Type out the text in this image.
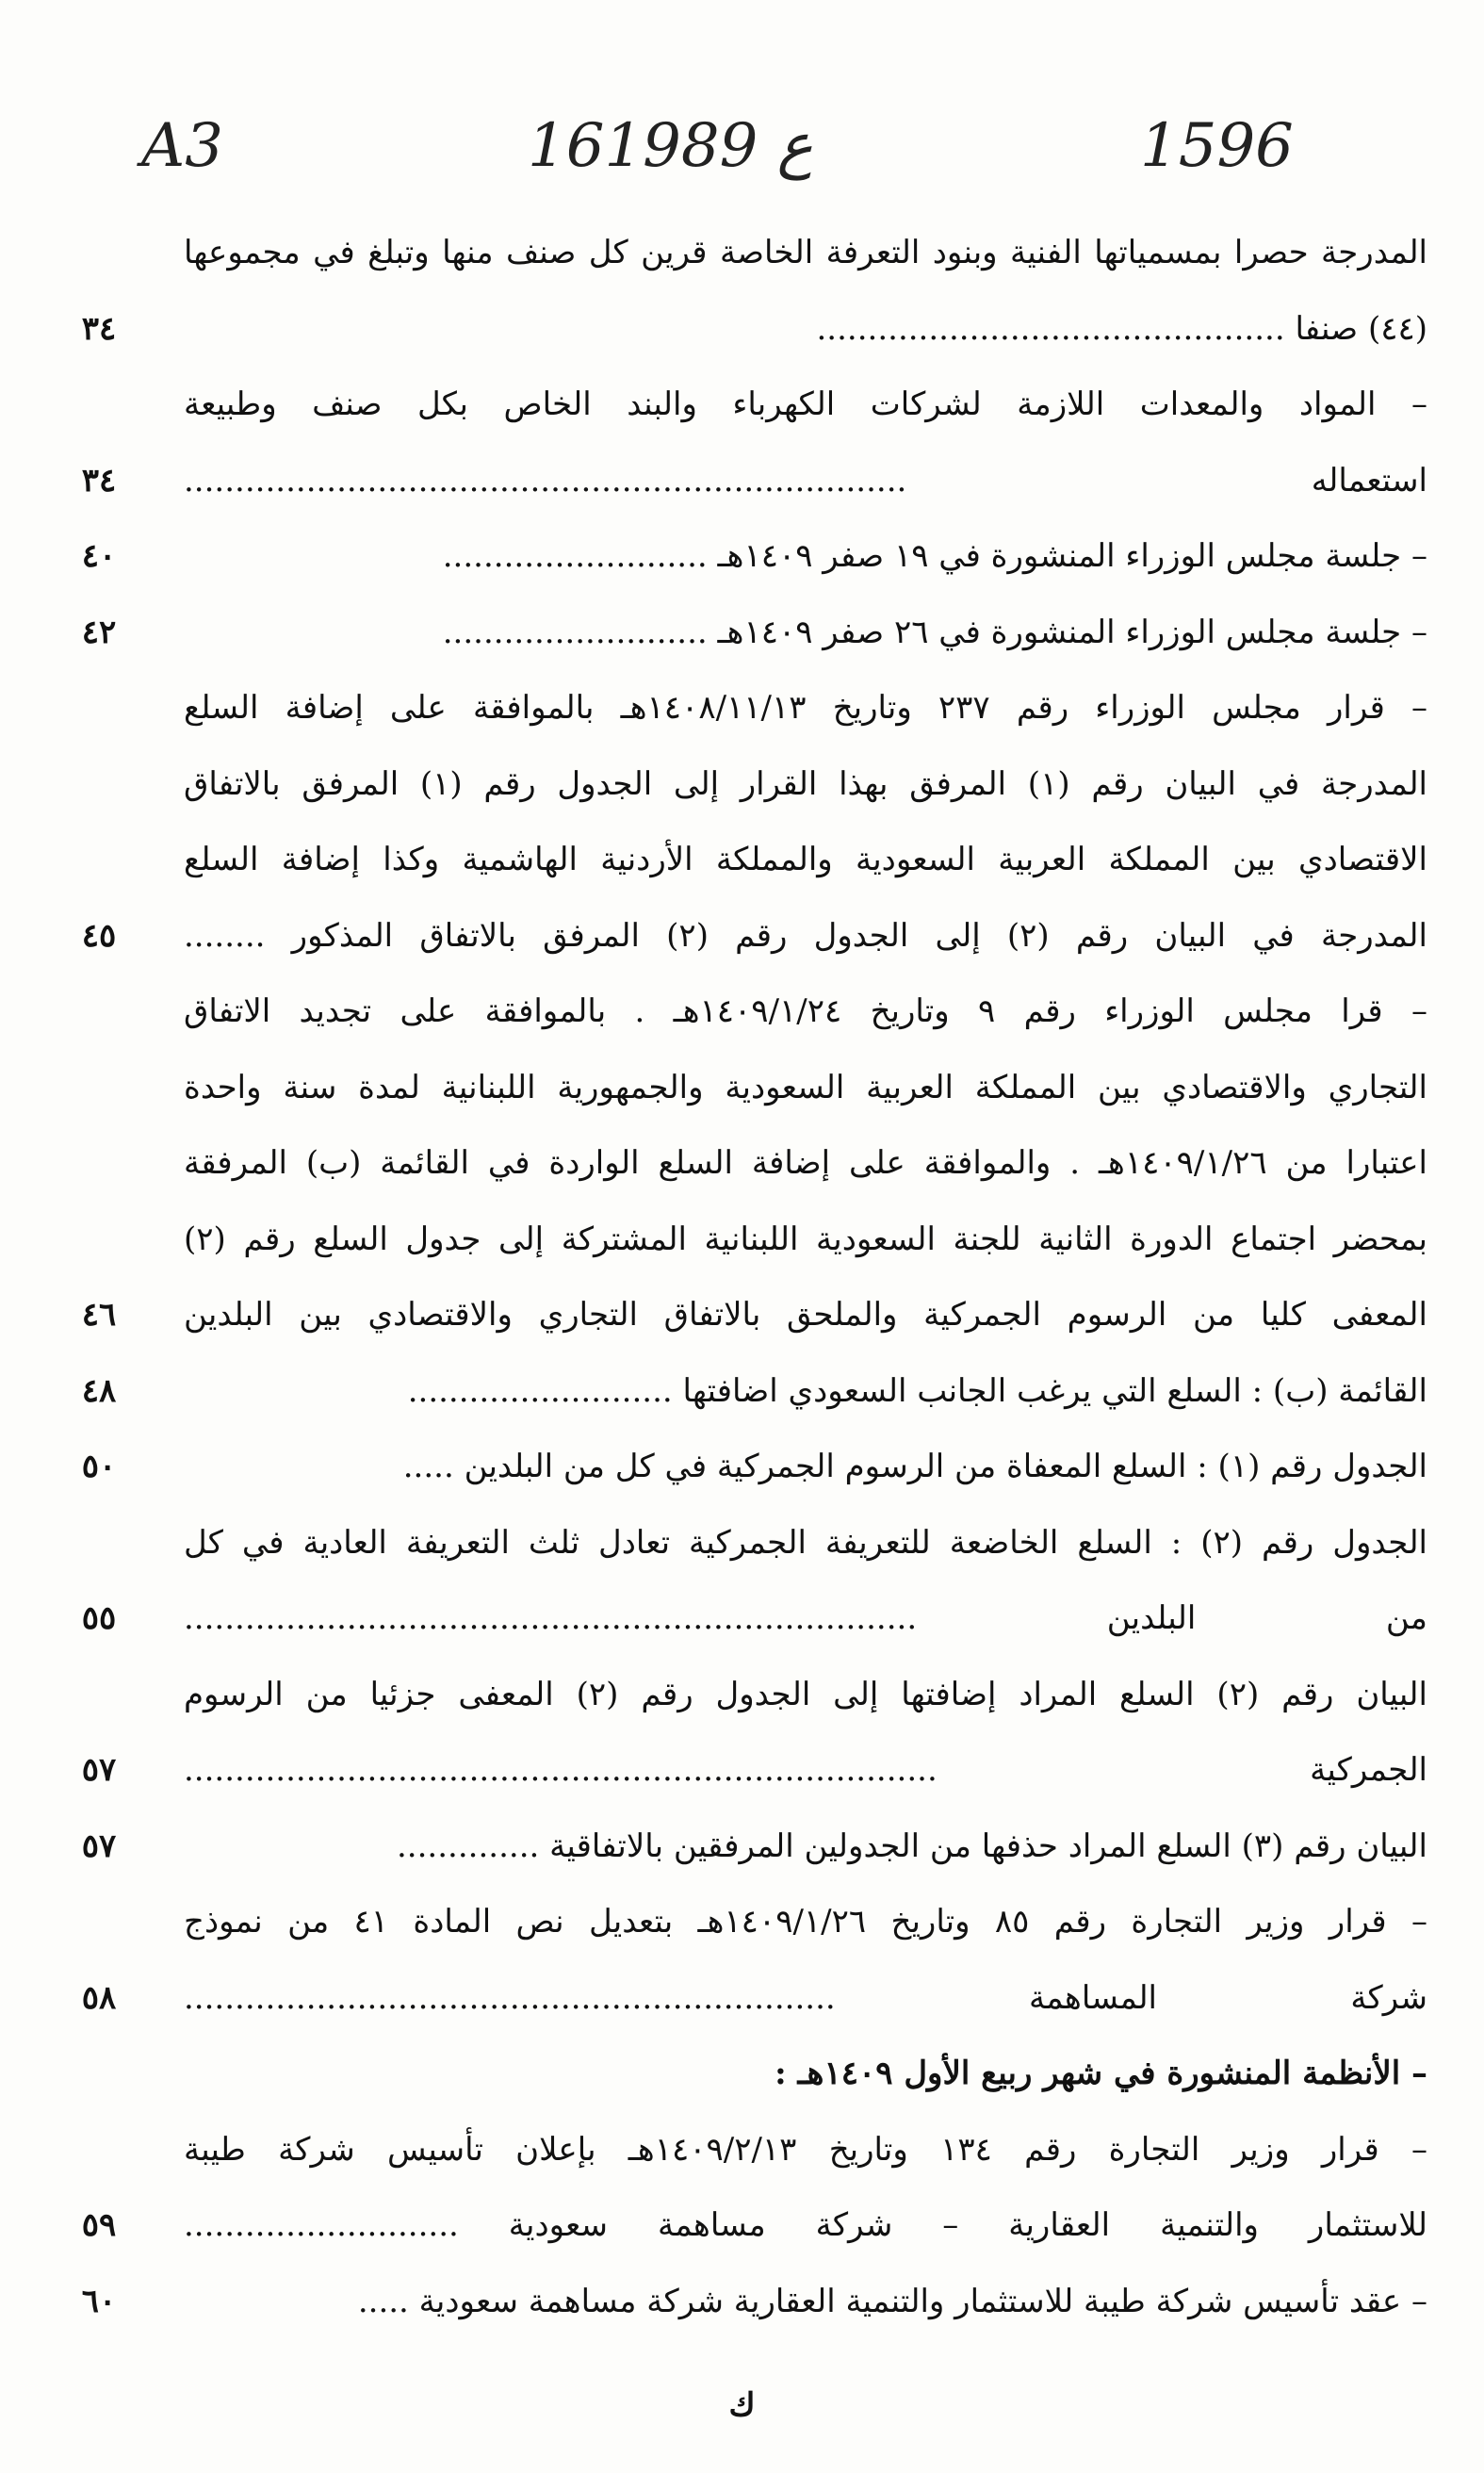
A3	16ع 1989	1596
المدرجة حصرا بمسمياتها الفنية وبنود التعرفة الخاصة قرين كل صنف منها وتبلغ في مجموعها
(٤٤) صنفا ..............................................
٣٤
– المواد والمعدات اللازمة لشركات الكهرباء والبند الخاص بكل صنف وطبيعة
استعماله .......................................................................
٣٤
– جلسة مجلس الوزراء المنشورة في ١٩ صفر ١٤٠٩هـ ..........................
٤٠
– جلسة مجلس الوزراء المنشورة في ٢٦ صفر ١٤٠٩هـ ..........................
٤٢
– قرار مجلس الوزراء رقم ٢٣٧ وتاريخ ١٤٠٨/١١/١٣هـ بالموافقة على إضافة السلع
المدرجة في البيان رقم (١) المرفق بهذا القرار إلى الجدول رقم (١) المرفق بالاتفاق
الاقتصادي بين المملكة العربية السعودية والمملكة الأردنية الهاشمية وكذا إضافة السلع
المدرجة في البيان رقم (٢) إلى الجدول رقم (٢) المرفق بالاتفاق المذكور ........
٤٥
– قرا مجلس الوزراء رقم ٩ وتاريخ ١٤٠٩/١/٢٤هـ . بالموافقة على تجديد الاتفاق
التجاري والاقتصادي بين المملكة العربية السعودية والجمهورية اللبنانية لمدة سنة واحدة
اعتبارا من ١٤٠٩/١/٢٦هـ . والموافقة على إضافة السلع الواردة في القائمة (ب) المرفقة
بمحضر اجتماع الدورة الثانية للجنة السعودية اللبنانية المشتركة إلى جدول السلع رقم (٢)
المعفى كليا من الرسوم الجمركية والملحق بالاتفاق التجاري والاقتصادي بين البلدين
٤٦
القائمة (ب) : السلع التي يرغب الجانب السعودي اضافتها ..........................
٤٨
الجدول رقم (١) : السلع المعفاة من الرسوم الجمركية في كل من البلدين .....
٥٠
الجدول رقم (٢) : السلع الخاضعة للتعريفة الجمركية تعادل ثلث التعريفة العادية في كل
من البلدين ........................................................................
٥٥
البيان رقم (٢) السلع المراد إضافتها إلى الجدول رقم (٢) المعفى جزئيا من الرسوم
الجمركية ..........................................................................
٥٧
البيان رقم (٣) السلع المراد حذفها من الجدولين المرفقين بالاتفاقية ..............
٥٧
– قرار وزير التجارة رقم ٨٥ وتاريخ ١٤٠٩/١/٢٦هـ بتعديل نص المادة ٤١ من نموذج
شركة المساهمة ................................................................
٥٨
– الأنظمة المنشورة في شهر ربيع الأول ١٤٠٩هـ :
– قرار وزير التجارة رقم ١٣٤ وتاريخ ١٤٠٩/٢/١٣هـ بإعلان تأسيس شركة طيبة
للاستثمار والتنمية العقارية – شركة مساهمة سعودية ...........................
٥٩
– عقد تأسيس شركة طيبة للاستثمار والتنمية العقارية شركة مساهمة سعودية .....
٦٠
ك
